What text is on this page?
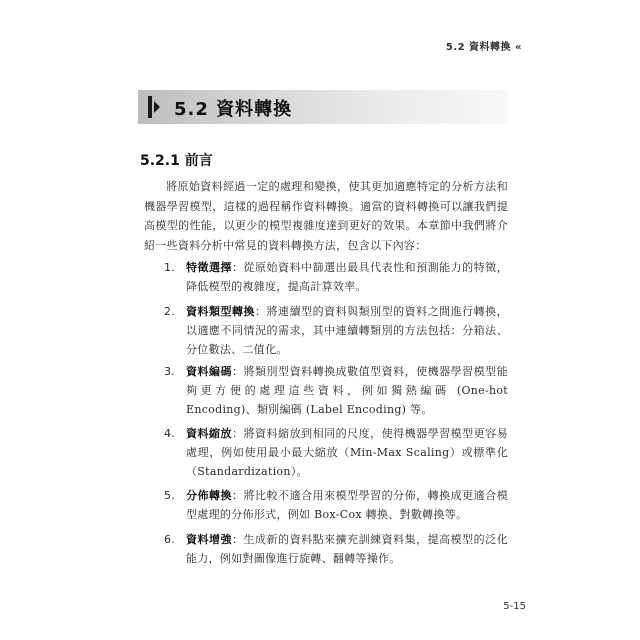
5.2 資料轉換 «
5.2 資料轉換
5.2.1 前言

將原始資料經過一定的處理和變換，使其更加適應特定的分析方法和機器學習模型，這樣的過程稱作資料轉換。適當的資料轉換可以讓我們提高模型的性能，以更少的模型複雜度達到更好的效果。本章節中我們將介紹一些資料分析中常見的資料轉換方法，包含以下內容：

1. 特徵選擇：從原始資料中篩選出最具代表性和預測能力的特徵，降低模型的複雜度，提高計算效率。
2. 資料類型轉換：將連續型的資料與類別型的資料之間進行轉換，以適應不同情況的需求，其中連續轉類別的方法包括：分箱法、分位數法、二值化。
3. 資料編碼：將類別型資料轉換成數值型資料，使機器學習模型能夠更方便的處理這些資料，例如獨熱編碼 (One-hot Encoding)、類別編碼 (Label Encoding) 等。
4. 資料縮放：將資料縮放到相同的尺度，使得機器學習模型更容易處理，例如使用最小最大縮放（Min-Max Scaling）或標準化（Standardization）。
5. 分佈轉換：將比較不適合用來模型學習的分佈，轉換成更適合模型處理的分佈形式，例如 Box-Cox 轉換、對數轉換等。
6. 資料增強：生成新的資料點來擴充訓練資料集，提高模型的泛化能力，例如對圖像進行旋轉、翻轉等操作。
5-15
